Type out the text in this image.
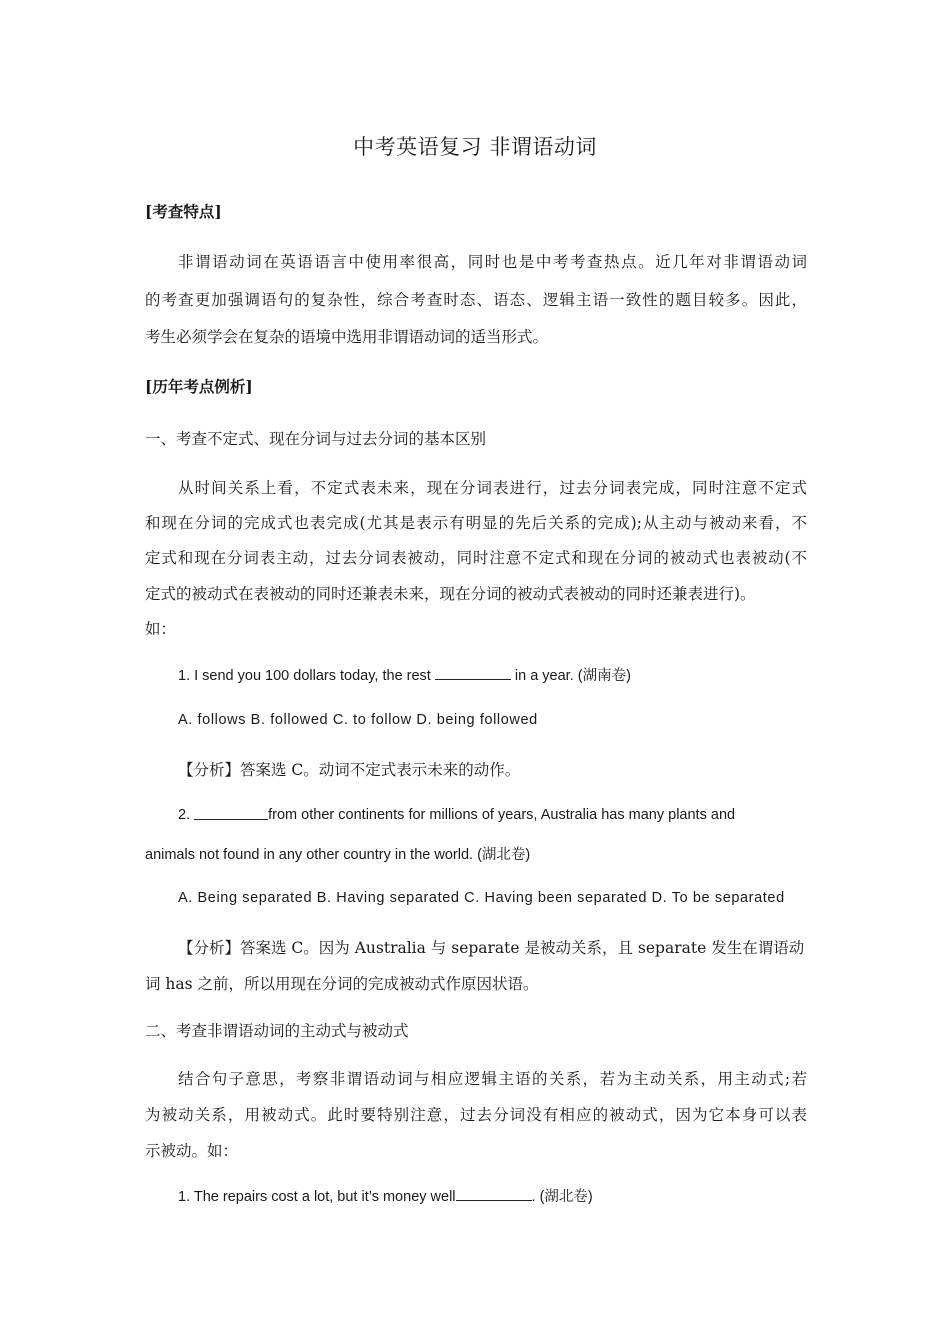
中考英语复习 非谓语动词
[考查特点]
非谓语动词在英语语言中使用率很高，同时也是中考考查热点。近几年对非谓语动词
的考查更加强调语句的复杂性，综合考查时态、语态、逻辑主语一致性的题目较多。因此，
考生必须学会在复杂的语境中选用非谓语动词的适当形式。
[历年考点例析]
一、考查不定式、现在分词与过去分词的基本区别
从时间关系上看，不定式表未来，现在分词表进行，过去分词表完成，同时注意不定式
和现在分词的完成式也表完成(尤其是表示有明显的先后关系的完成);从主动与被动来看，不
定式和现在分词表主动，过去分词表被动，同时注意不定式和现在分词的被动式也表被动(不
定式的被动式在表被动的同时还兼表未来，现在分词的被动式表被动的同时还兼表进行)。
如：
1. I send you 100 dollars today, the rest	in a year. (湖南卷)
A. follows B. followed C. to follow D. being followed
【分析】答案选 C。动词不定式表示未来的动作。
2.	from  other  continents  for  millions  of  years,  Australia  has  many  plants  and
animals not found in any other country in the world. (湖北卷)
A. Being separated B. Having separated C. Having been separated D. To be separated
【分析】答案选 C。因为 Australia 与 separate 是被动关系，且 separate 发生在谓语动
词 has 之前，所以用现在分词的完成被动式作原因状语。
二、考查非谓语动词的主动式与被动式
结合句子意思，考察非谓语动词与相应逻辑主语的关系，若为主动关系，用主动式;若
为被动关系，用被动式。此时要特别注意，过去分词没有相应的被动式，因为它本身可以表
示被动。如：
1. The repairs cost a lot, but it’s money well	. (湖北卷)
